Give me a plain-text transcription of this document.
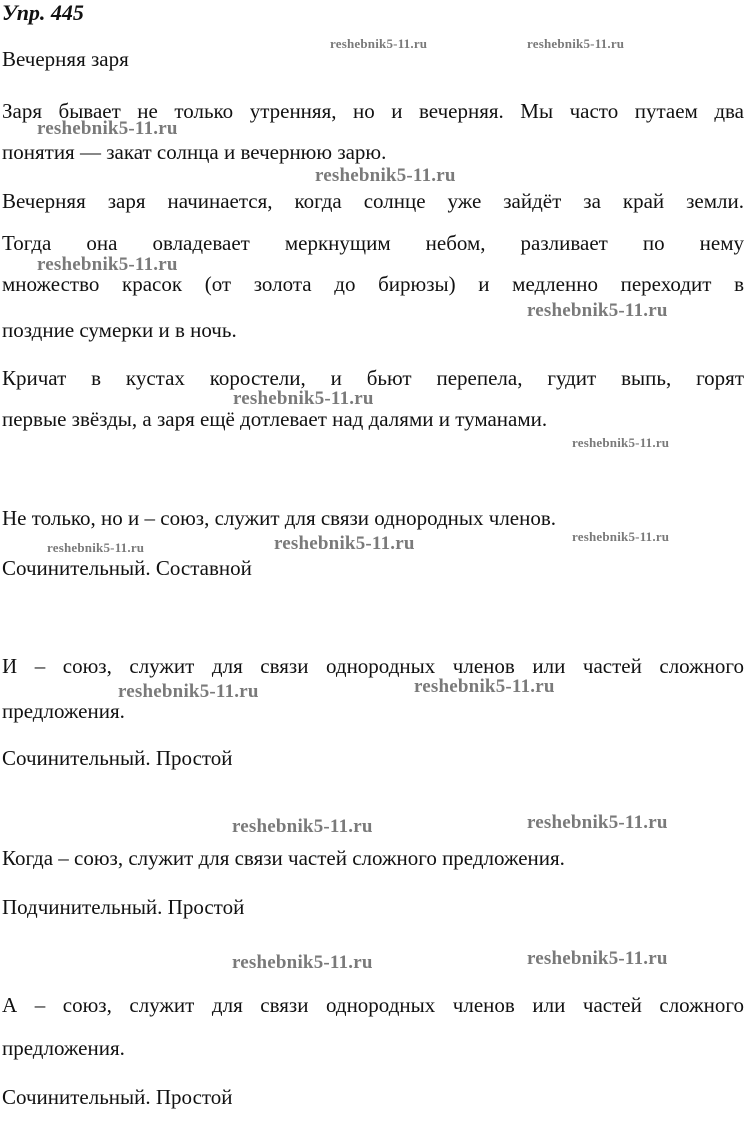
Упр. 445
Вечерняя заря
Заря бывает не только утренняя, но и вечерняя. Мы часто путаем два
понятия — закат солнца и вечернюю зарю.
Вечерняя заря начинается, когда солнце уже зайдёт за край земли.
Тогда она овладевает меркнущим небом, разливает по нему
множество красок (от золота до бирюзы) и медленно переходит в
поздние сумерки и в ночь.
Кричат в кустах коростели, и бьют перепела, гудит выпь, горят
первые звёзды, а заря ещё дотлевает над далями и туманами.
Не только, но и – союз, служит для связи однородных членов.
Сочинительный. Составной
И – союз, служит для связи однородных членов или частей сложного
предложения.
Сочинительный. Простой
Когда – союз, служит для связи частей сложного предложения.
Подчинительный. Простой
А – союз, служит для связи однородных членов или частей сложного
предложения.
Сочинительный. Простой
reshebnik5-11.ru	reshebnik5-11.ru
reshebnik5-11.ru
reshebnik5-11.ru
reshebnik5-11.ru
reshebnik5-11.ru
reshebnik5-11.ru
reshebnik5-11.ru
reshebnik5-11.ru	reshebnik5-11.ru	reshebnik5-11.ru
reshebnik5-11.ru	reshebnik5-11.ru
reshebnik5-11.ru	reshebnik5-11.ru
reshebnik5-11.ru	reshebnik5-11.ru
